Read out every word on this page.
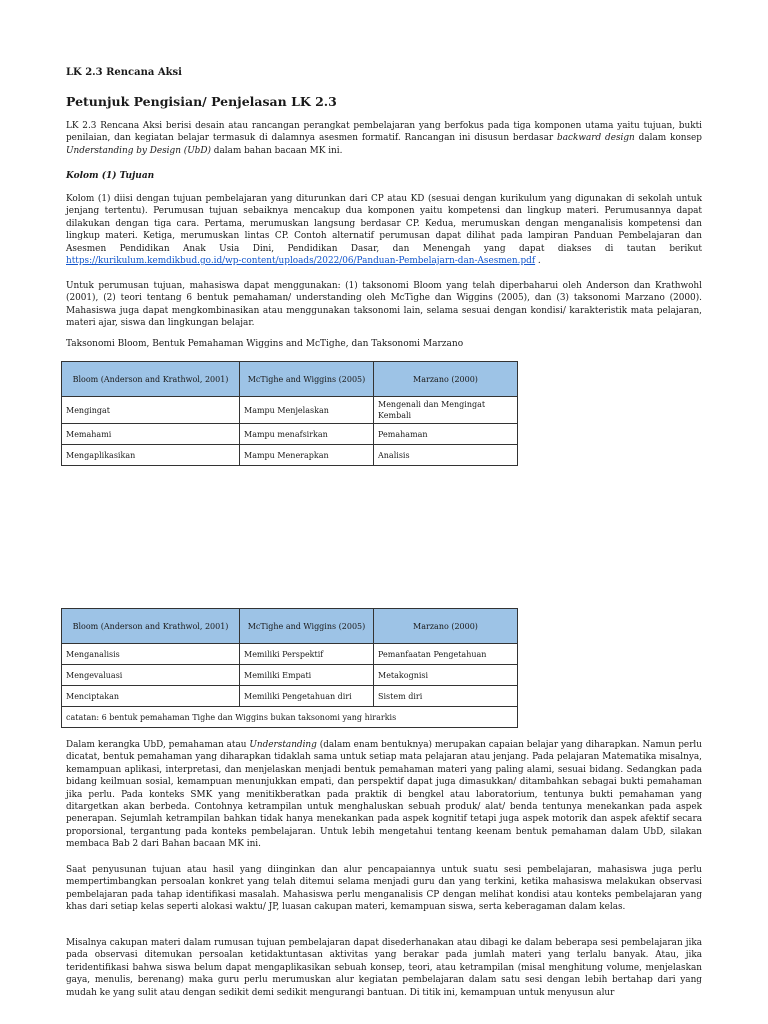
LK 2.3 Rencana Aksi
Petunjuk Pengisian/ Penjelasan LK 2.3
LK 2.3 Rencana Aksi berisi desain atau rancangan perangkat pembelajaran yang berfokus pada tiga komponen utama yaitu tujuan, bukti penilaian, dan kegiatan belajar termasuk di dalamnya asesmen formatif. Rancangan ini disusun berdasar backward design dalam konsep Understanding by Design (UbD) dalam bahan bacaan MK ini.
Kolom (1) Tujuan
Kolom (1) diisi dengan tujuan pembelajaran yang diturunkan dari CP atau KD (sesuai dengan kurikulum yang digunakan di sekolah untuk jenjang tertentu). Perumusan tujuan sebaiknya mencakup dua komponen yaitu kompetensi dan lingkup materi. Perumusannya dapat dilakukan dengan tiga cara. Pertama, merumuskan langsung berdasar CP. Kedua, merumuskan dengan menganalisis kompetensi dan lingkup materi. Ketiga, merumuskan lintas CP. Contoh alternatif perumusan dapat dilihat pada lampiran Panduan Pembelajaran dan Asesmen Pendidikan Anak Usia Dini, Pendidikan Dasar, dan Menengah yang dapat diakses di tautan berikut https://kurikulum.kemdikbud.go.id/wp-content/uploads/2022/06/Panduan-Pembelajarn-dan-Asesmen.pdf .
Untuk perumusan tujuan, mahasiswa dapat menggunakan: (1) taksonomi Bloom yang telah diperbaharui oleh Anderson dan Krathwohl (2001), (2) teori tentang 6 bentuk pemahaman/ understanding oleh McTighe dan Wiggins (2005), dan (3) taksonomi Marzano (2000). Mahasiswa juga dapat mengkombinasikan atau menggunakan taksonomi lain, selama sesuai dengan kondisi/ karakteristik mata pelajaran, materi ajar, siswa dan lingkungan belajar.
Taksonomi Bloom, Bentuk Pemahaman Wiggins and McTighe, dan Taksonomi Marzano
Bloom (Anderson and Krathwol, 2001)	McTighe and Wiggins (2005)	Marzano (2000)
Mengingat	Mampu Menjelaskan	Mengenali dan Mengingat Kembali
Memahami	Mampu menafsirkan	Pemahaman
Mengaplikasikan	Mampu Menerapkan	Analisis
Bloom (Anderson and Krathwol, 2001)	McTighe and Wiggins (2005)	Marzano (2000)
Menganalisis	Memiliki Perspektif	Pemanfaatan Pengetahuan
Mengevaluasi	Memiliki Empati	Metakognisi
Menciptakan	Memiliki Pengetahuan diri	Sistem diri
catatan: 6 bentuk pemahaman Tighe dan Wiggins bukan taksonomi yang hirarkis		
Dalam kerangka UbD, pemahaman atau Understanding (dalam enam bentuknya) merupakan capaian belajar yang diharapkan. Namun perlu dicatat, bentuk pemahaman yang diharapkan tidaklah sama untuk setiap mata pelajaran atau jenjang. Pada pelajaran Matematika misalnya, kemampuan aplikasi, interpretasi, dan menjelaskan menjadi bentuk pemahaman materi yang paling alami, sesuai bidang. Sedangkan pada bidang keilmuan sosial, kemampuan menunjukkan empati, dan perspektif dapat juga dimasukkan/ ditambahkan sebagai bukti pemahaman jika perlu. Pada konteks SMK yang menitikberatkan pada praktik di bengkel atau laboratorium, tentunya bukti pemahaman yang ditargetkan akan berbeda. Contohnya ketrampilan untuk menghaluskan sebuah produk/ alat/ benda tentunya menekankan pada aspek penerapan. Sejumlah ketrampilan bahkan tidak hanya menekankan pada aspek kognitif tetapi juga aspek motorik dan aspek afektif secara proporsional, tergantung pada konteks pembelajaran. Untuk lebih mengetahui tentang keenam bentuk pemahaman dalam UbD, silakan membaca Bab 2 dari Bahan bacaan MK ini.
Saat penyusunan tujuan atau hasil yang diinginkan dan alur pencapaiannya untuk suatu sesi pembelajaran, mahasiswa juga perlu mempertimbangkan persoalan konkret yang telah ditemui selama menjadi guru dan yang terkini, ketika mahasiswa melakukan observasi pembelajaran pada tahap identifikasi masalah. Mahasiswa perlu menganalisis CP dengan melihat kondisi atau konteks pembelajaran yang khas dari setiap kelas seperti alokasi waktu/ JP, luasan cakupan materi, kemampuan siswa, serta keberagaman dalam kelas.
Misalnya cakupan materi dalam rumusan tujuan pembelajaran dapat disederhanakan atau dibagi ke dalam beberapa sesi pembelajaran jika pada observasi ditemukan persoalan ketidaktuntasan aktivitas yang berakar pada jumlah materi yang terlalu banyak. Atau, jika teridentifikasi bahwa siswa belum dapat mengaplikasikan sebuah konsep, teori, atau ketrampilan (misal menghitung volume, menjelaskan gaya, menulis, berenang) maka guru perlu merumuskan alur kegiatan pembelajaran dalam satu sesi dengan lebih bertahap dari yang mudah ke yang sulit atau dengan sedikit demi sedikit mengurangi bantuan. Di titik ini, kemampuan untuk menyusun alur
